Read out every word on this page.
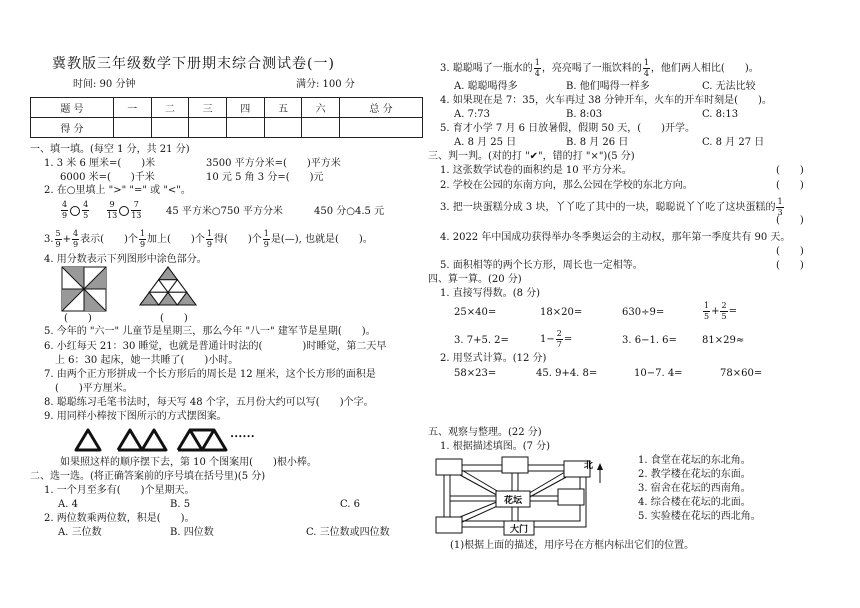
冀教版三年级数学下册期末综合测试卷(一)
时间: 90 分钟	满分: 100 分
题 号	一	二	三	四	五	六	总 分
得 分							
一、填一填。(每空 1 分，共 21 分)
1. 3 米 6 厘米=(　　)米	3500 平方分米=(　　)平方米
6000 米=(　　)千米	10 元 5 角 3 分=(　　)元
2. 在○里填上 ">" "=" 或 "<"。
$\frac{4}{9} \frac{4}{5} \frac{9}{13} \frac{7}{13} 45$ 平方米○750 平方分米	450 分○4.5 元
3. $\frac{5}{9} + \frac{4}{9}$ 表示(　　)个 $\frac{1}{9}$ 加上(　　)个 $\frac{1}{9}$ 得(　　)个 $\frac{1}{9}$ 是(—), 也就是(　　)。
4. 用分数表示下列图形中涂色部分。
(　　)	(　　)
5. 今年的 "六一" 儿童节是星期三，那么今年 "八一" 建军节是星期(　　)。
6. 小红每天 21：30 睡觉，也就是普通计时法的(　　　　)时睡觉，第二天早
上 6：30 起床，她一共睡了(　　)小时。
7. 由两个正方形拼成一个长方形后的周长是 12 厘米，这个长方形的面积是
(　　)平方厘米。
8. 聪聪练习毛笔书法时，每天写 48 个字，五月份大约可以写(　　)个字。
9. 用同样小棒按下图所示的方式摆图案。
••••••
如果照这样的顺序摆下去，第 10 个图案用(　　)根小棒。
二、选一选。(将正确答案前的序号填在括号里)(5 分)
1. 一个月至多有(　　)个星期天。
A. 4	B. 5	C. 6
2. 两位数乘两位数，积是(　　)。
A. 三位数	B. 四位数	C. 三位数或四位数
3. 聪聪喝了一瓶水的 $\frac{1}{4}$ ，亮亮喝了一瓶饮料的 $\frac{1}{4}$ ，他们两人相比(　　)。
A. 聪聪喝得多	B. 他们喝得一样多	C. 无法比较
4. 如果现在是 7：35，火车再过 38 分钟开车，火车的开车时刻是(　　)。
A. 7:73	B. 8:03	C. 8:13
5. 育才小学 7 月 6 日放暑假，假期 50 天，(　　)开学。
A. 8 月 25 日	B. 8 月 26 日	C. 8 月 27 日
三、判一判。(对的打 "✔"，错的打 "×")(5 分)
1. 这张数学试卷的面积约是 10 平方分米。	(　　)
2. 学校在公园的东南方向，那么公园在学校的东北方向。	(　　)
3. 把一块蛋糕分成 3 块，丫丫吃了其中的一块，聪聪说丫丫吃了这块蛋糕的 $\frac{1}{3}$
(　　)
4. 2022 年中国成功获得举办冬季奥运会的主动权，那年第一季度共有 90 天。
(　　)
5. 面积相等的两个长方形，周长也一定相等。	(　　)
四、算一算。(20 分)
1. 直接写得数。(8 分)
25×40=	18×20=	630÷9=	$\frac{1}{5} + \frac{2}{5}$ =
3. 7+5. 2=	$1- \frac{2}{7}$ =	3. 6−1. 6=	81×29≈
2. 用竖式计算。(12 分)
58×23=	45. 9+4. 8=	10−7. 4=	78×60=
五、观察与整理。(22 分)
1. 根据描述填图。(7 分)
花坛
大门
北	1. 食堂在花坛的东北角。
2. 教学楼在花坛的东面。
3. 宿舍在花坛的西南角。
4. 综合楼在花坛的北面。
5. 实验楼在花坛的西北角。
(1)根据上面的描述，用序号在方框内标出它们的位置。
